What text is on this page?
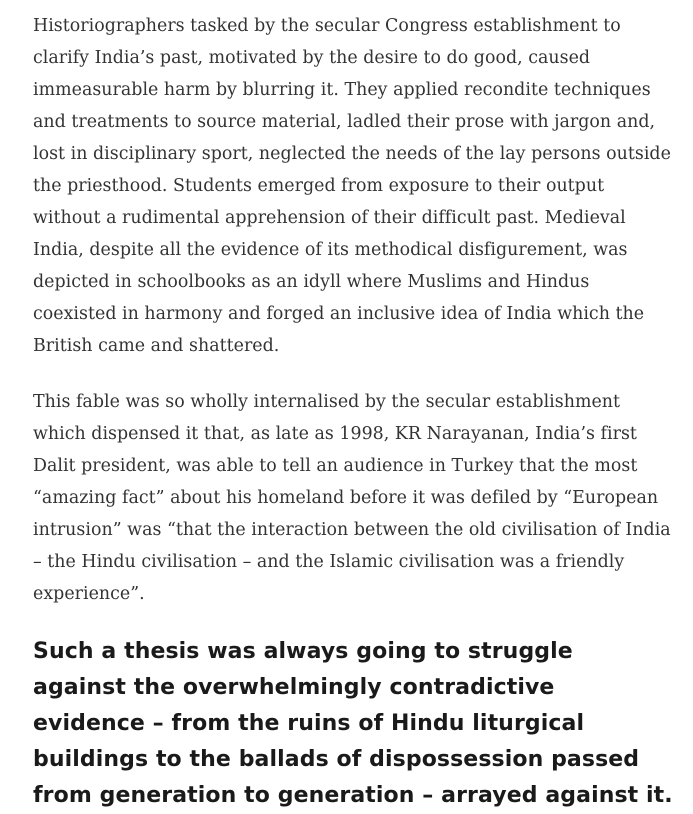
Historiographers tasked by the secular Congress establishment to clarify India’s past, motivated by the desire to do good, caused immeasurable harm by blurring it. They applied recondite techniques and treatments to source material, ladled their prose with jargon and, lost in disciplinary sport, neglected the needs of the lay persons outside the priesthood. Students emerged from exposure to their output without a rudimental apprehension of their difficult past. Medieval India, despite all the evidence of its methodical disfigurement, was depicted in schoolbooks as an idyll where Muslims and Hindus coexisted in harmony and forged an inclusive idea of India which the British came and shattered.

This fable was so wholly internalised by the secular establishment which dispensed it that, as late as 1998, KR Narayanan, India’s first Dalit president, was able to tell an audience in Turkey that the most “amazing fact” about his homeland before it was defiled by “European intrusion” was “that the interaction between the old civilisation of India – the Hindu civilisation – and the Islamic civilisation was a friendly experience”.

Such a thesis was always going to struggle against the overwhelmingly contradictive evidence – from the ruins of Hindu liturgical buildings to the ballads of dispossession passed from generation to generation – arrayed against it.
